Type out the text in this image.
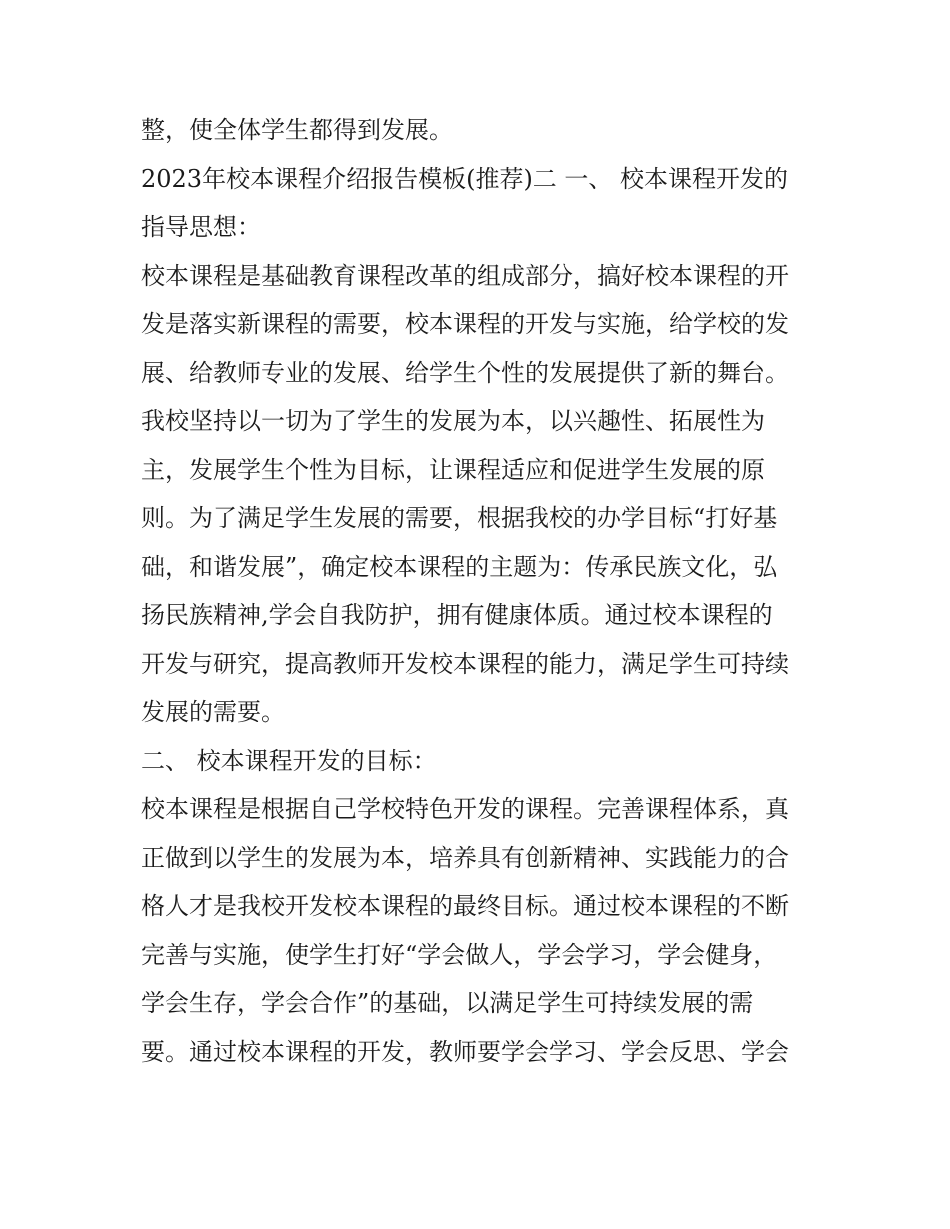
整，使全体学生都得到发展。
2023年校本课程介绍报告模板(推荐)二 一、 校本课程开发的
指导思想：
校本课程是基础教育课程改革的组成部分，搞好校本课程的开
发是落实新课程的需要，校本课程的开发与实施，给学校的发
展、给教师专业的发展、给学生个性的发展提供了新的舞台。
我校坚持以一切为了学生的发展为本，以兴趣性、拓展性为
主，发展学生个性为目标，让课程适应和促进学生发展的原
则。为了满足学生发展的需要，根据我校的办学目标“打好基
础，和谐发展”，确定校本课程的主题为：传承民族文化，弘
扬民族精神,学会自我防护，拥有健康体质。通过校本课程的
开发与研究，提高教师开发校本课程的能力，满足学生可持续
发展的需要。
二、 校本课程开发的目标：
校本课程是根据自己学校特色开发的课程。完善课程体系，真
正做到以学生的发展为本，培养具有创新精神、实践能力的合
格人才是我校开发校本课程的最终目标。通过校本课程的不断
完善与实施，使学生打好“学会做人，学会学习，学会健身，
学会生存，学会合作”的基础，以满足学生可持续发展的需
要。通过校本课程的开发，教师要学会学习、学会反思、学会
